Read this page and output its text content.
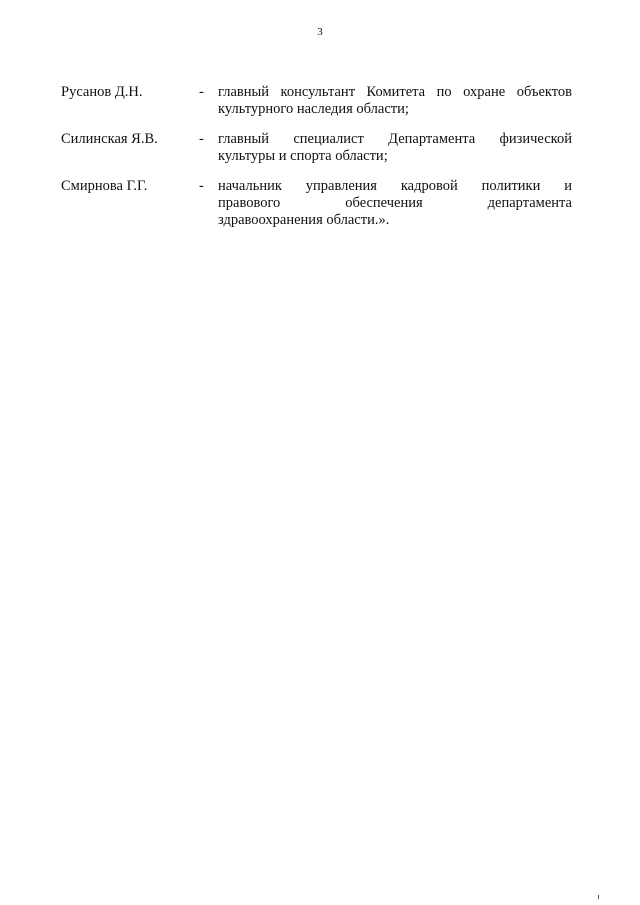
3
Русанов Д.Н.	- главный консультант Комитета по охране объектов
культурного наследия области;
Силинская Я.В.	- главный специалист Департамента физической
культуры и спорта области;
Смирнова Г.Г.	- начальник управления кадровой политики и
правового обеспечения департамента
здравоохранения области.».
